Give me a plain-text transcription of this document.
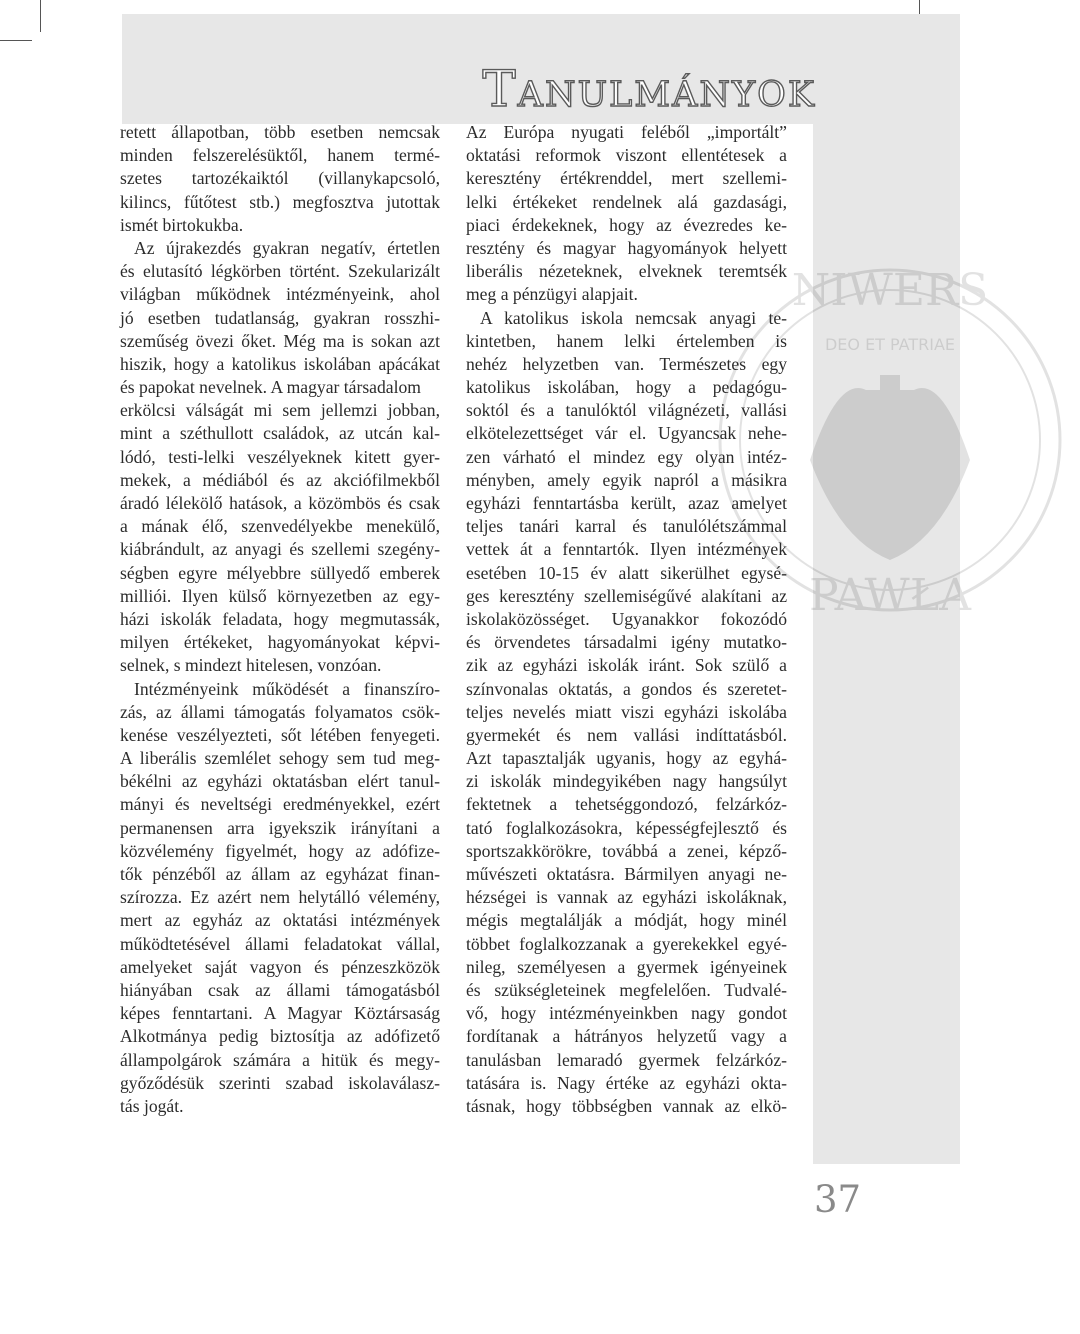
NIWERS
DEO ET PATRIAE
PAWŁA
Tanulmányok
retett állapotban, több esetben nemcsak
minden felszerelésüktől, hanem termé-
szetes tartozékaiktól (villanykapcsoló,
kilincs, fűtőtest stb.) megfosztva jutottak
ismét birtokukba.
Az újrakezdés gyakran negatív, értetlen
és elutasító légkörben történt. Szekularizált
világban működnek intézményeink, ahol
jó esetben tudatlanság, gyakran rosszhi-
szeműség övezi őket. Még ma is sokan azt
hiszik, hogy a katolikus iskolában apácákat
és papokat nevelnek. A magyar társadalom
erkölcsi válságát mi sem jellemzi jobban,
mint a széthullott családok, az utcán kal-
lódó, testi-lelki veszélyeknek kitett gyer-
mekek, a médiából és az akciófilmekből
áradó lélekölő hatások, a közömbös és csak
a mának élő, szenvedélyekbe menekülő,
kiábrándult, az anyagi és szellemi szegény-
ségben egyre mélyebbre süllyedő emberek
milliói. Ilyen külső környezetben az egy-
házi iskolák feladata, hogy megmutassák,
milyen értékeket, hagyományokat képvi-
selnek, s mindezt hitelesen, vonzóan.
Intézményeink működését a finanszíro-
zás, az állami támogatás folyamatos csök-
kenése veszélyezteti, sőt létében fenyegeti.
A liberális szemlélet sehogy sem tud meg-
békélni az egyházi oktatásban elért tanul-
mányi és neveltségi eredményekkel, ezért
permanensen arra igyekszik irányítani a
közvélemény figyelmét, hogy az adófize-
tők pénzéből az állam az egyházat finan-
szírozza. Ez azért nem helytálló vélemény,
mert az egyház az oktatási intézmények
működtetésével állami feladatokat vállal,
amelyeket saját vagyon és pénzeszközök
hiányában csak az állami támogatásból
képes fenntartani. A Magyar Köztársaság
Alkotmánya pedig biztosítja az adófizető
állampolgárok számára a hitük és megy-
győződésük szerinti szabad iskolaválasz-
tás jogát.
Az Európa nyugati feléből „importált”
oktatási reformok viszont ellentétesek a
keresztény értékrenddel, mert szellemi-
lelki értékeket rendelnek alá gazdasági,
piaci érdekeknek, hogy az évezredes ke-
resztény és magyar hagyományok helyett
liberális nézeteknek, elveknek teremtsék
meg a pénzügyi alapjait.
A katolikus iskola nemcsak anyagi te-
kintetben, hanem lelki értelemben is
nehéz helyzetben van. Természetes egy
katolikus iskolában, hogy a pedagógu-
soktól és a tanulóktól világnézeti, vallási
elkötelezettséget vár el. Ugyancsak nehe-
zen várható el mindez egy olyan intéz-
ményben, amely egyik napról a másikra
egyházi fenntartásba került, azaz amelyet
teljes tanári karral és tanulólétszámmal
vettek át a fenntartók. Ilyen intézmények
esetében 10-15 év alatt sikerülhet egysé-
ges keresztény szellemiségűvé alakítani az
iskolaközösséget. Ugyanakkor fokozódó
és örvendetes társadalmi igény mutatko-
zik az egyházi iskolák iránt. Sok szülő a
színvonalas oktatás, a gondos és szeretet-
teljes nevelés miatt viszi egyházi iskolába
gyermekét és nem vallási indíttatásból.
Azt tapasztalják ugyanis, hogy az egyhá-
zi iskolák mindegyikében nagy hangsúlyt
fektetnek a tehetséggondozó, felzárkóz-
tató foglalkozásokra, képességfejlesztő és
sportszakkörökre, továbbá a zenei, képző-
művészeti oktatásra. Bármilyen anyagi ne-
hézségei is vannak az egyházi iskoláknak,
mégis megtalálják a módját, hogy minél
többet foglalkozzanak a gyerekekkel egyé-
nileg, személyesen a gyermek igényeinek
és szükségleteinek megfelelően. Tudvalé-
vő, hogy intézményeinkben nagy gondot
fordítanak a hátrányos helyzetű vagy a
tanulásban lemaradó gyermek felzárkóz-
tatására is. Nagy értéke az egyházi okta-
tásnak, hogy többségben vannak az elkö-
37
